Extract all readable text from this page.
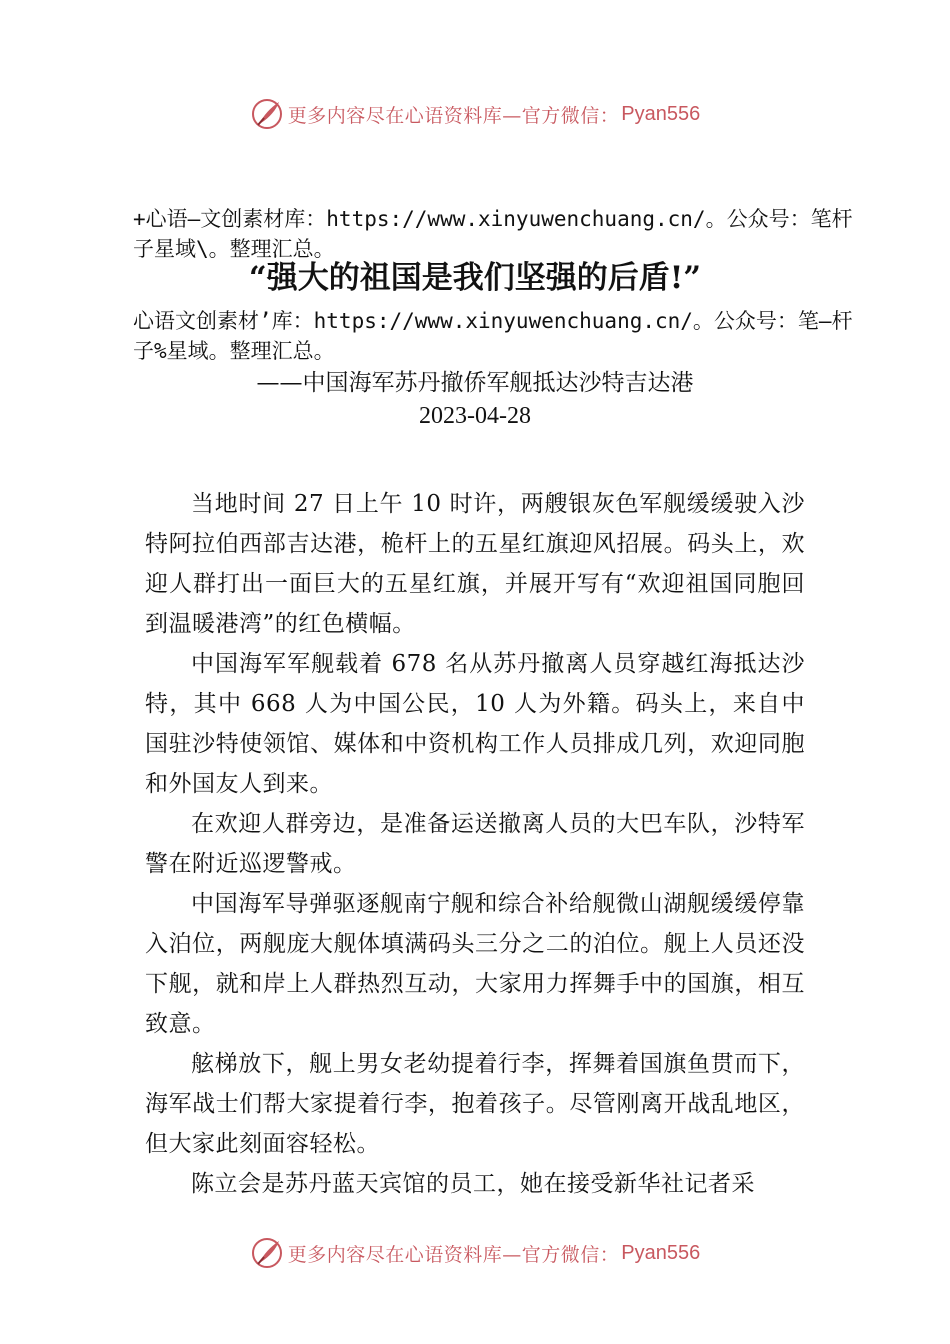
更多内容尽在心语资料库—官方微信： Pyan556

+心语—文创素材库：https://www.xinyuwenchuang.cn/。公众号：笔杆子星域\。整理汇总。

“强大的祖国是我们坚强的后盾!”

心语文创素材’库：https://www.xinyuwenchuang.cn/。公众号：笔—杆子%星域。整理汇总。

——中国海军苏丹撤侨军舰抵达沙特吉达港

2023-04-28

当地时间 27 日上午 10 时许，两艘银灰色军舰缓缓驶入沙特阿拉伯西部吉达港，桅杆上的五星红旗迎风招展。码头上，欢迎人群打出一面巨大的五星红旗，并展开写有“欢迎祖国同胞回到温暖港湾”的红色横幅。

中国海军军舰载着 678 名从苏丹撤离人员穿越红海抵达沙特，其中 668 人为中国公民，10 人为外籍。码头上，来自中国驻沙特使领馆、媒体和中资机构工作人员排成几列，欢迎同胞和外国友人到来。

在欢迎人群旁边，是准备运送撤离人员的大巴车队，沙特军警在附近巡逻警戒。

中国海军导弹驱逐舰南宁舰和综合补给舰微山湖舰缓缓停靠入泊位，两舰庞大舰体填满码头三分之二的泊位。舰上人员还没下舰，就和岸上人群热烈互动，大家用力挥舞手中的国旗，相互致意。

舷梯放下，舰上男女老幼提着行李，挥舞着国旗鱼贯而下，海军战士们帮大家提着行李，抱着孩子。尽管刚离开战乱地区，但大家此刻面容轻松。

陈立会是苏丹蓝天宾馆的员工，她在接受新华社记者采

更多内容尽在心语资料库—官方微信： Pyan556
